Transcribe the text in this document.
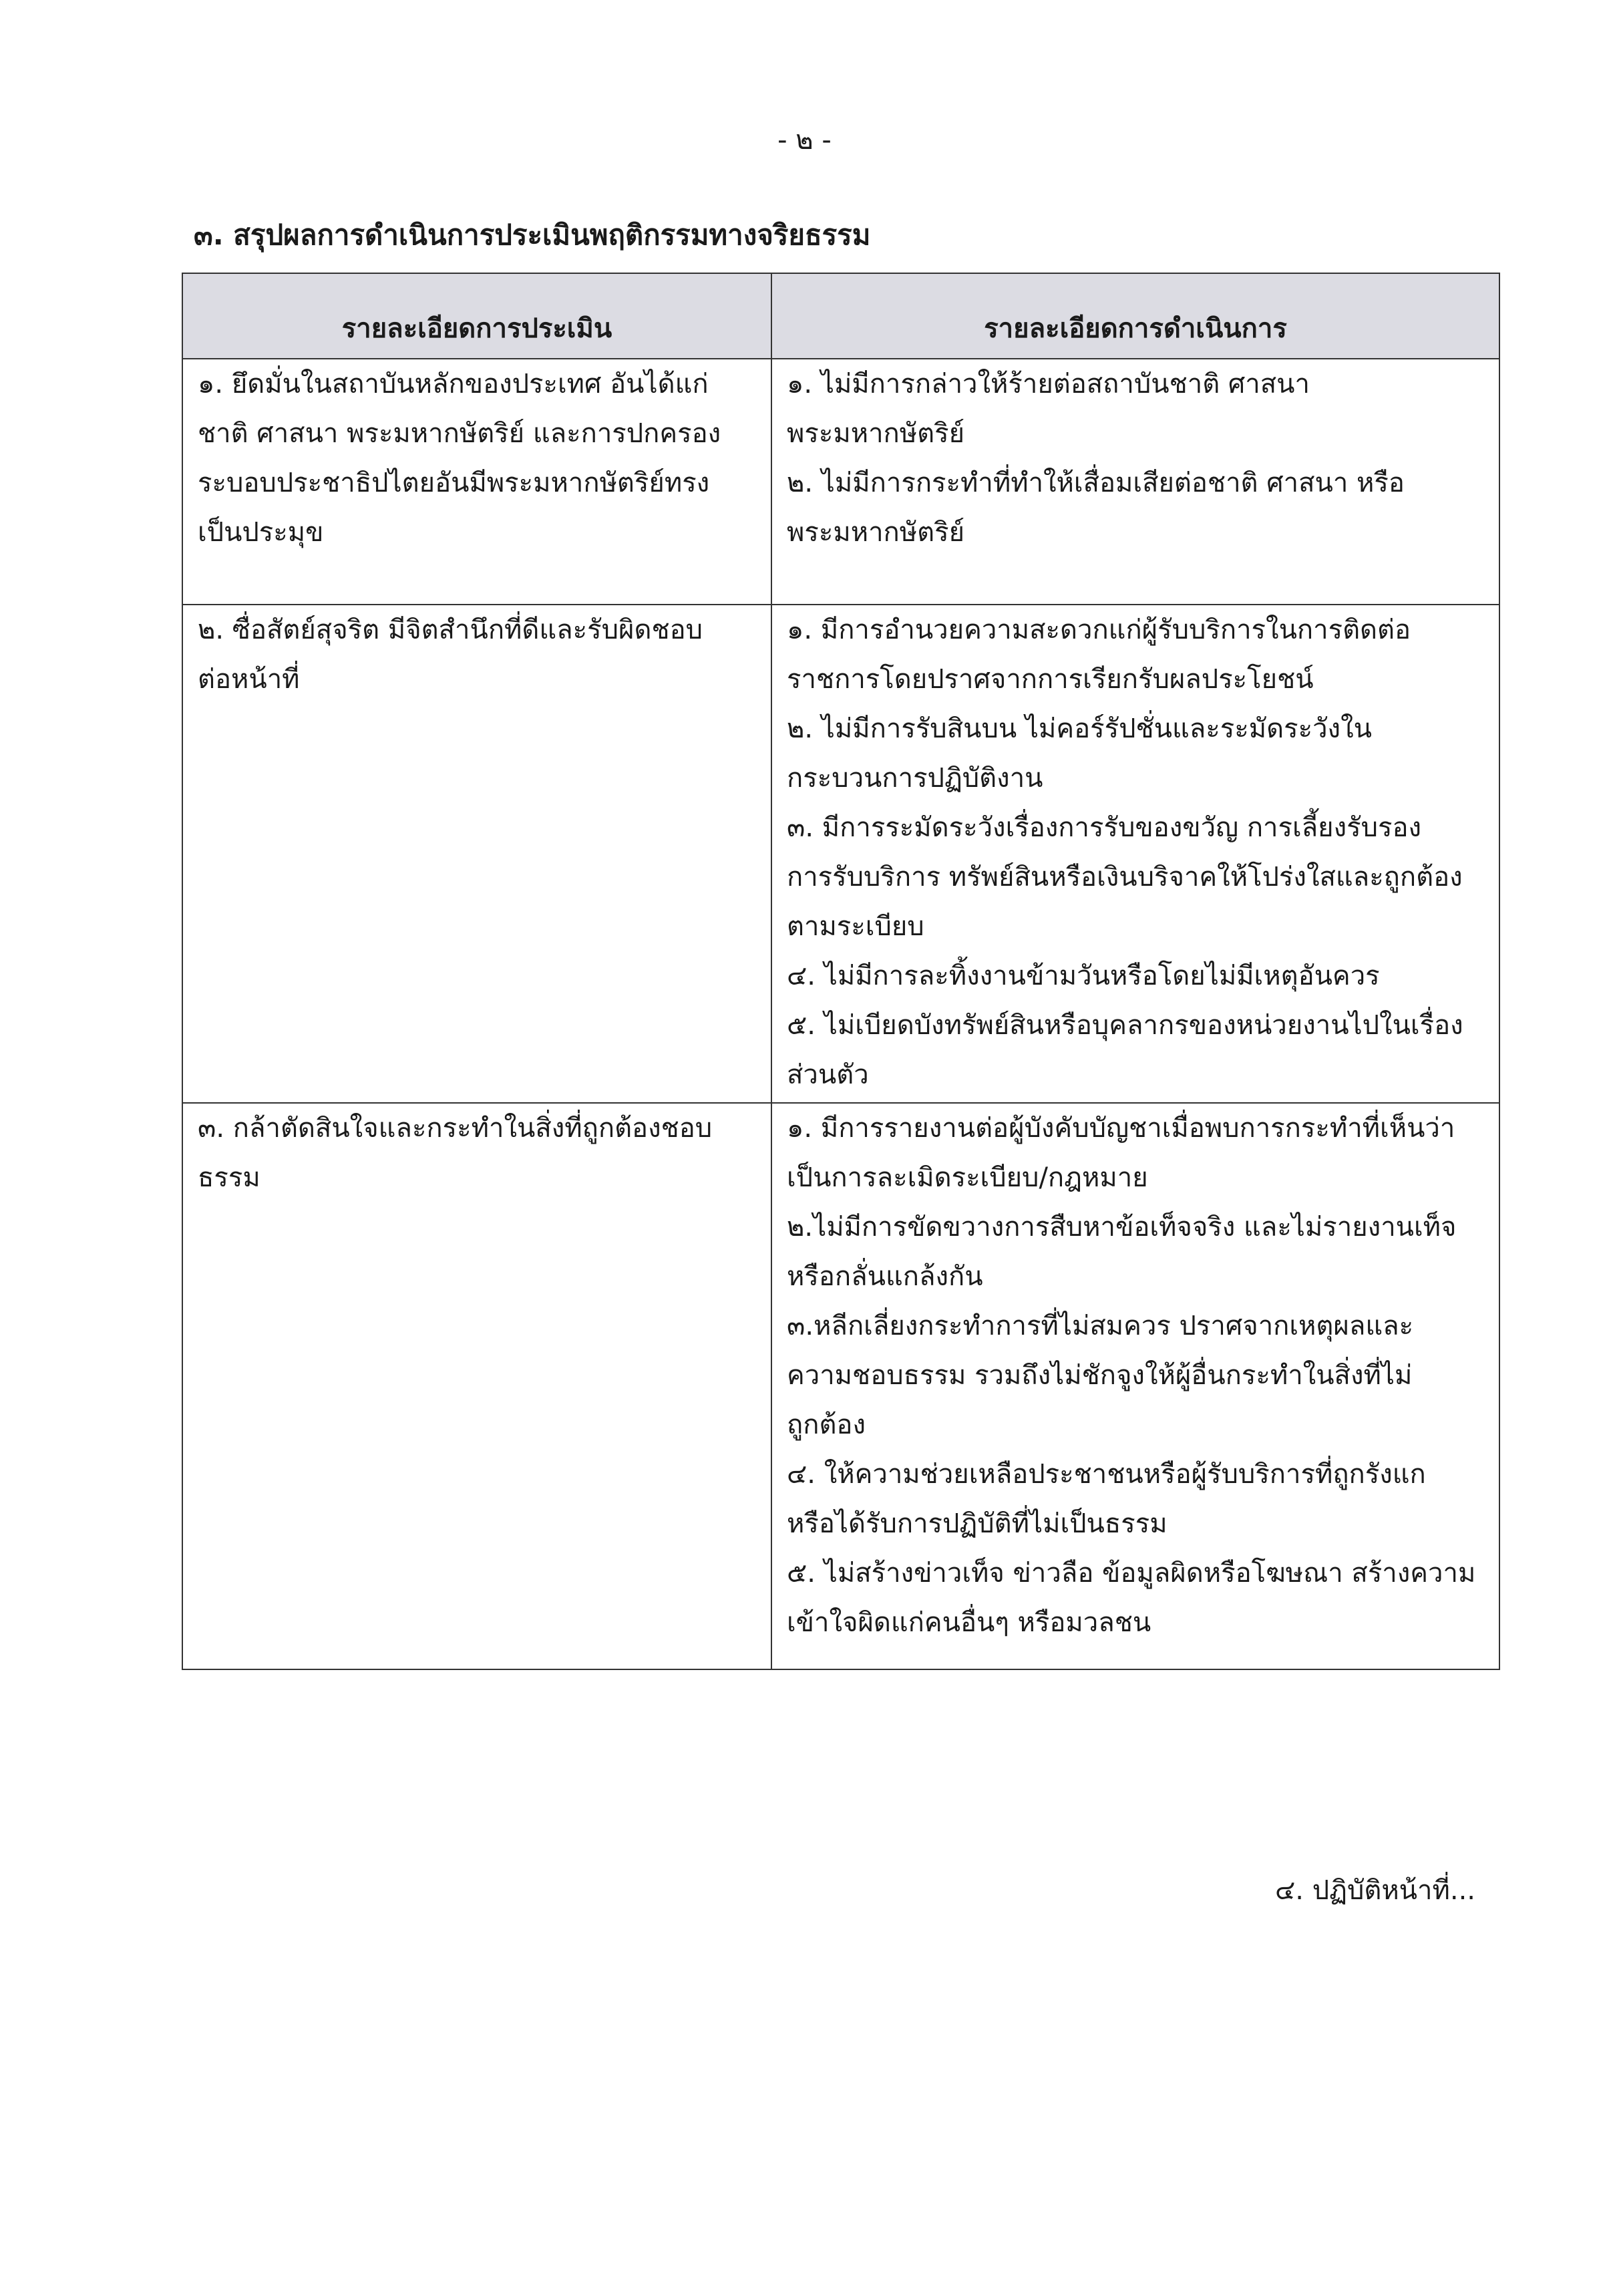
- ๒ -
๓. สรุปผลการดำเนินการประเมินพฤติกรรมทางจริยธรรม
รายละเอียดการประเมิน	รายละเอียดการดำเนินการ
๑. ยึดมั่นในสถาบันหลักของประเทศ อันได้แก่
ชาติ ศาสนา พระมหากษัตริย์ และการปกครอง
ระบอบประชาธิปไตยอันมีพระมหากษัตริย์ทรง
เป็นประมุข
๑. ไม่มีการกล่าวให้ร้ายต่อสถาบันชาติ ศาสนา
พระมหากษัตริย์
๒. ไม่มีการกระทำที่ทำให้เสื่อมเสียต่อชาติ ศาสนา หรือ
พระมหากษัตริย์
๒. ซื่อสัตย์สุจริต มีจิตสำนึกที่ดีและรับผิดชอบ
ต่อหน้าที่
๑. มีการอำนวยความสะดวกแก่ผู้รับบริการในการติดต่อ
ราชการโดยปราศจากการเรียกรับผลประโยชน์
๒. ไม่มีการรับสินบน ไม่คอร์รัปชั่นและระมัดระวังใน
กระบวนการปฏิบัติงาน
๓. มีการระมัดระวังเรื่องการรับของขวัญ การเลี้ยงรับรอง
การรับบริการ ทรัพย์สินหรือเงินบริจาคให้โปร่งใสและถูกต้อง
ตามระเบียบ
๔. ไม่มีการละทิ้งงานข้ามวันหรือโดยไม่มีเหตุอันควร
๕. ไม่เบียดบังทรัพย์สินหรือบุคลากรของหน่วยงานไปในเรื่อง
ส่วนตัว
๓. กล้าตัดสินใจและกระทำในสิ่งที่ถูกต้องชอบ
ธรรม
๑. มีการรายงานต่อผู้บังคับบัญชาเมื่อพบการกระทำที่เห็นว่า
เป็นการละเมิดระเบียบ/กฎหมาย
๒.ไม่มีการขัดขวางการสืบหาข้อเท็จจริง และไม่รายงานเท็จ
หรือกลั่นแกล้งกัน
๓.หลีกเลี่ยงกระทำการที่ไม่สมควร ปราศจากเหตุผลและ
ความชอบธรรม รวมถึงไม่ชักจูงให้ผู้อื่นกระทำในสิ่งที่ไม่
ถูกต้อง
๔. ให้ความช่วยเหลือประชาชนหรือผู้รับบริการที่ถูกรังแก
หรือได้รับการปฏิบัติที่ไม่เป็นธรรม
๕. ไม่สร้างข่าวเท็จ ข่าวลือ ข้อมูลผิดหรือโฆษณา สร้างความ
เข้าใจผิดแก่คนอื่นๆ หรือมวลชน
๔. ปฏิบัติหน้าที่...
